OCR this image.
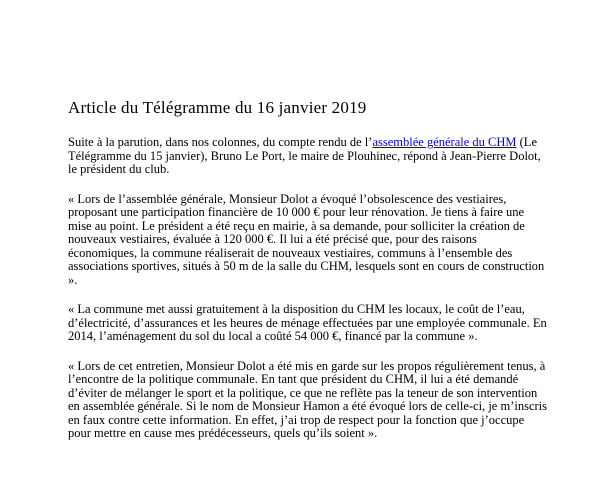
Article du Télégramme du 16 janvier 2019

Suite à la parution, dans nos colonnes, du compte rendu de l’assemblée générale du CHM (Le Télégramme du 15 janvier), Bruno Le Port, le maire de Plouhinec, répond à Jean-Pierre Dolot, le président du club.

« Lors de l’assemblée générale, Monsieur Dolot a évoqué l’obsolescence des vestiaires, proposant une participation financière de 10 000 € pour leur rénovation. Je tiens à faire une mise au point. Le président a été reçu en mairie, à sa demande, pour solliciter la création de nouveaux vestiaires, évaluée à 120 000 €. Il lui a été précisé que, pour des raisons économiques, la commune réaliserait de nouveaux vestiaires, communs à l’ensemble des associations sportives, situés à 50 m de la salle du CHM, lesquels sont en cours de construction ».

« La commune met aussi gratuitement à la disposition du CHM les locaux, le coût de l’eau, d’électricité, d’assurances et les heures de ménage effectuées par une employée communale. En 2014, l’aménagement du sol du local a coûté 54 000 €, financé par la commune ».

« Lors de cet entretien, Monsieur Dolot a été mis en garde sur les propos régulièrement tenus, à l’encontre de la politique communale. En tant que président du CHM, il lui a été demandé d’éviter de mélanger le sport et la politique, ce que ne reflète pas la teneur de son intervention en assemblée générale. Si le nom de Monsieur Hamon a été évoqué lors de celle-ci, je m’inscris en faux contre cette information. En effet, j’ai trop de respect pour la fonction que j’occupe pour mettre en cause mes prédécesseurs, quels qu’ils soient ».
